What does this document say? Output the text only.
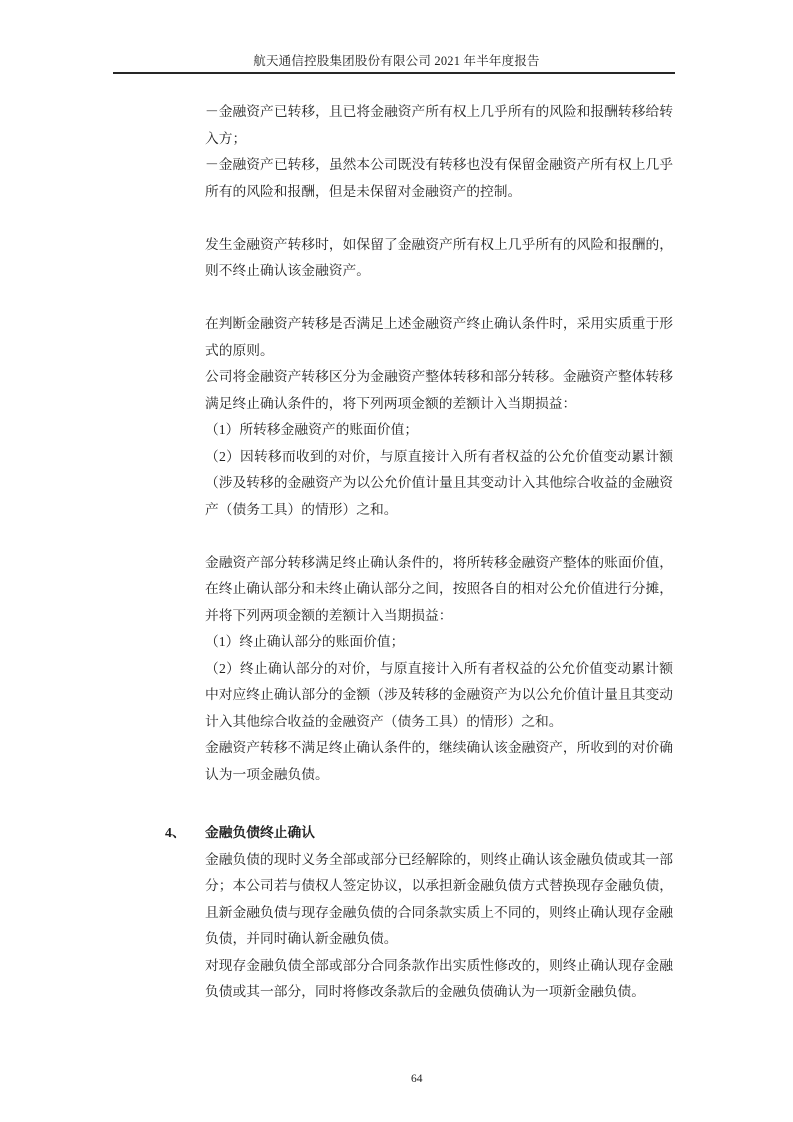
航天通信控股集团股份有限公司 2021 年半年度报告

－金融资产已转移，且已将金融资产所有权上几乎所有的风险和报酬转移给转入方；

－金融资产已转移，虽然本公司既没有转移也没有保留金融资产所有权上几乎所有的风险和报酬，但是未保留对金融资产的控制。

发生金融资产转移时，如保留了金融资产所有权上几乎所有的风险和报酬的，则不终止确认该金融资产。

在判断金融资产转移是否满足上述金融资产终止确认条件时，采用实质重于形式的原则。

公司将金融资产转移区分为金融资产整体转移和部分转移。金融资产整体转移满足终止确认条件的，将下列两项金额的差额计入当期损益：

（1）所转移金融资产的账面价值；

（2）因转移而收到的对价，与原直接计入所有者权益的公允价值变动累计额（涉及转移的金融资产为以公允价值计量且其变动计入其他综合收益的金融资产（债务工具）的情形）之和。

金融资产部分转移满足终止确认条件的，将所转移金融资产整体的账面价值，在终止确认部分和未终止确认部分之间，按照各自的相对公允价值进行分摊，并将下列两项金额的差额计入当期损益：

（1）终止确认部分的账面价值；

（2）终止确认部分的对价，与原直接计入所有者权益的公允价值变动累计额中对应终止确认部分的金额（涉及转移的金融资产为以公允价值计量且其变动计入其他综合收益的金融资产（债务工具）的情形）之和。

金融资产转移不满足终止确认条件的，继续确认该金融资产，所收到的对价确认为一项金融负债。

4、 金融负债终止确认

金融负债的现时义务全部或部分已经解除的，则终止确认该金融负债或其一部分；本公司若与债权人签定协议，以承担新金融负债方式替换现存金融负债，且新金融负债与现存金融负债的合同条款实质上不同的，则终止确认现存金融负债，并同时确认新金融负债。

对现存金融负债全部或部分合同条款作出实质性修改的，则终止确认现存金融负债或其一部分，同时将修改条款后的金融负债确认为一项新金融负债。

64
